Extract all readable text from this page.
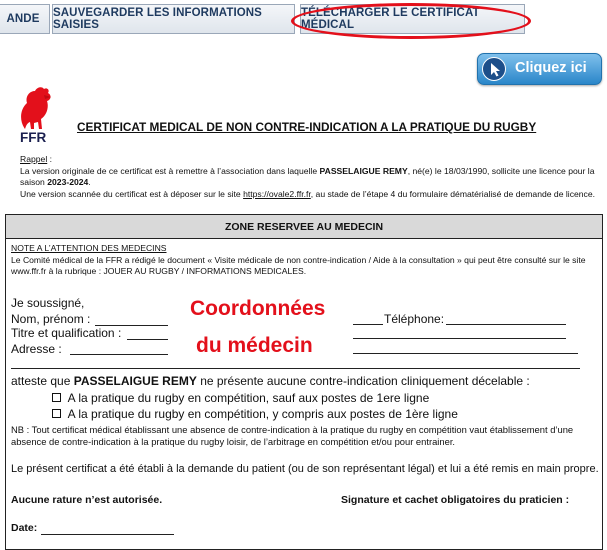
ANDE	SAUVEGARDER LES INFORMATIONS SAISIES
TÉLÉCHARGER LE CERTIFICAT MÉDICAL
Cliquez ici
FFR
CERTIFICAT MEDICAL DE NON CONTRE-INDICATION A LA PRATIQUE DU RUGBY
Rappel :
La version originale de ce certificat est à remettre à l’association dans laquelle PASSELAIGUE REMY, né(e) le 18/03/1990, sollicite une licence pour la saison 2023-2024.
Une version scannée du certificat est à déposer sur le site https://ovale2.ffr.fr, au stade de l’étape 4 du formulaire dématérialisé de demande de licence.
ZONE RESERVEE AU MEDECIN
NOTE A L’ATTENTION DES MEDECINS
Le Comité médical de la FFR a rédigé le document « Visite médicale de non contre-indication / Aide à la consultation » qui peut être consulté sur le site www.ffr.fr à la rubrique : JOUER AU RUGBY / INFORMATIONS MEDICALES.
Je soussigné,
Nom, prénom :
Titre et qualification :
Adresse :
Coordonnées
du médecin
Téléphone:
atteste que PASSELAIGUE REMY ne présente aucune contre-indication cliniquement décelable :
A la pratique du rugby en compétition, sauf aux postes de 1ere ligne
A la pratique du rugby en compétition, y compris aux postes de 1ère ligne
NB : Tout certificat médical établissant une absence de contre-indication à la pratique du rugby en compétition vaut établissement d’une absence de contre-indication à la pratique du rugby loisir, de l’arbitrage en compétition et/ou pour entrainer.
Le présent certificat a été établi à la demande du patient (ou de son représentant légal) et lui a été remis en main propre.
Aucune rature n’est autorisée.	Signature et cachet obligatoires du praticien :
Date:
